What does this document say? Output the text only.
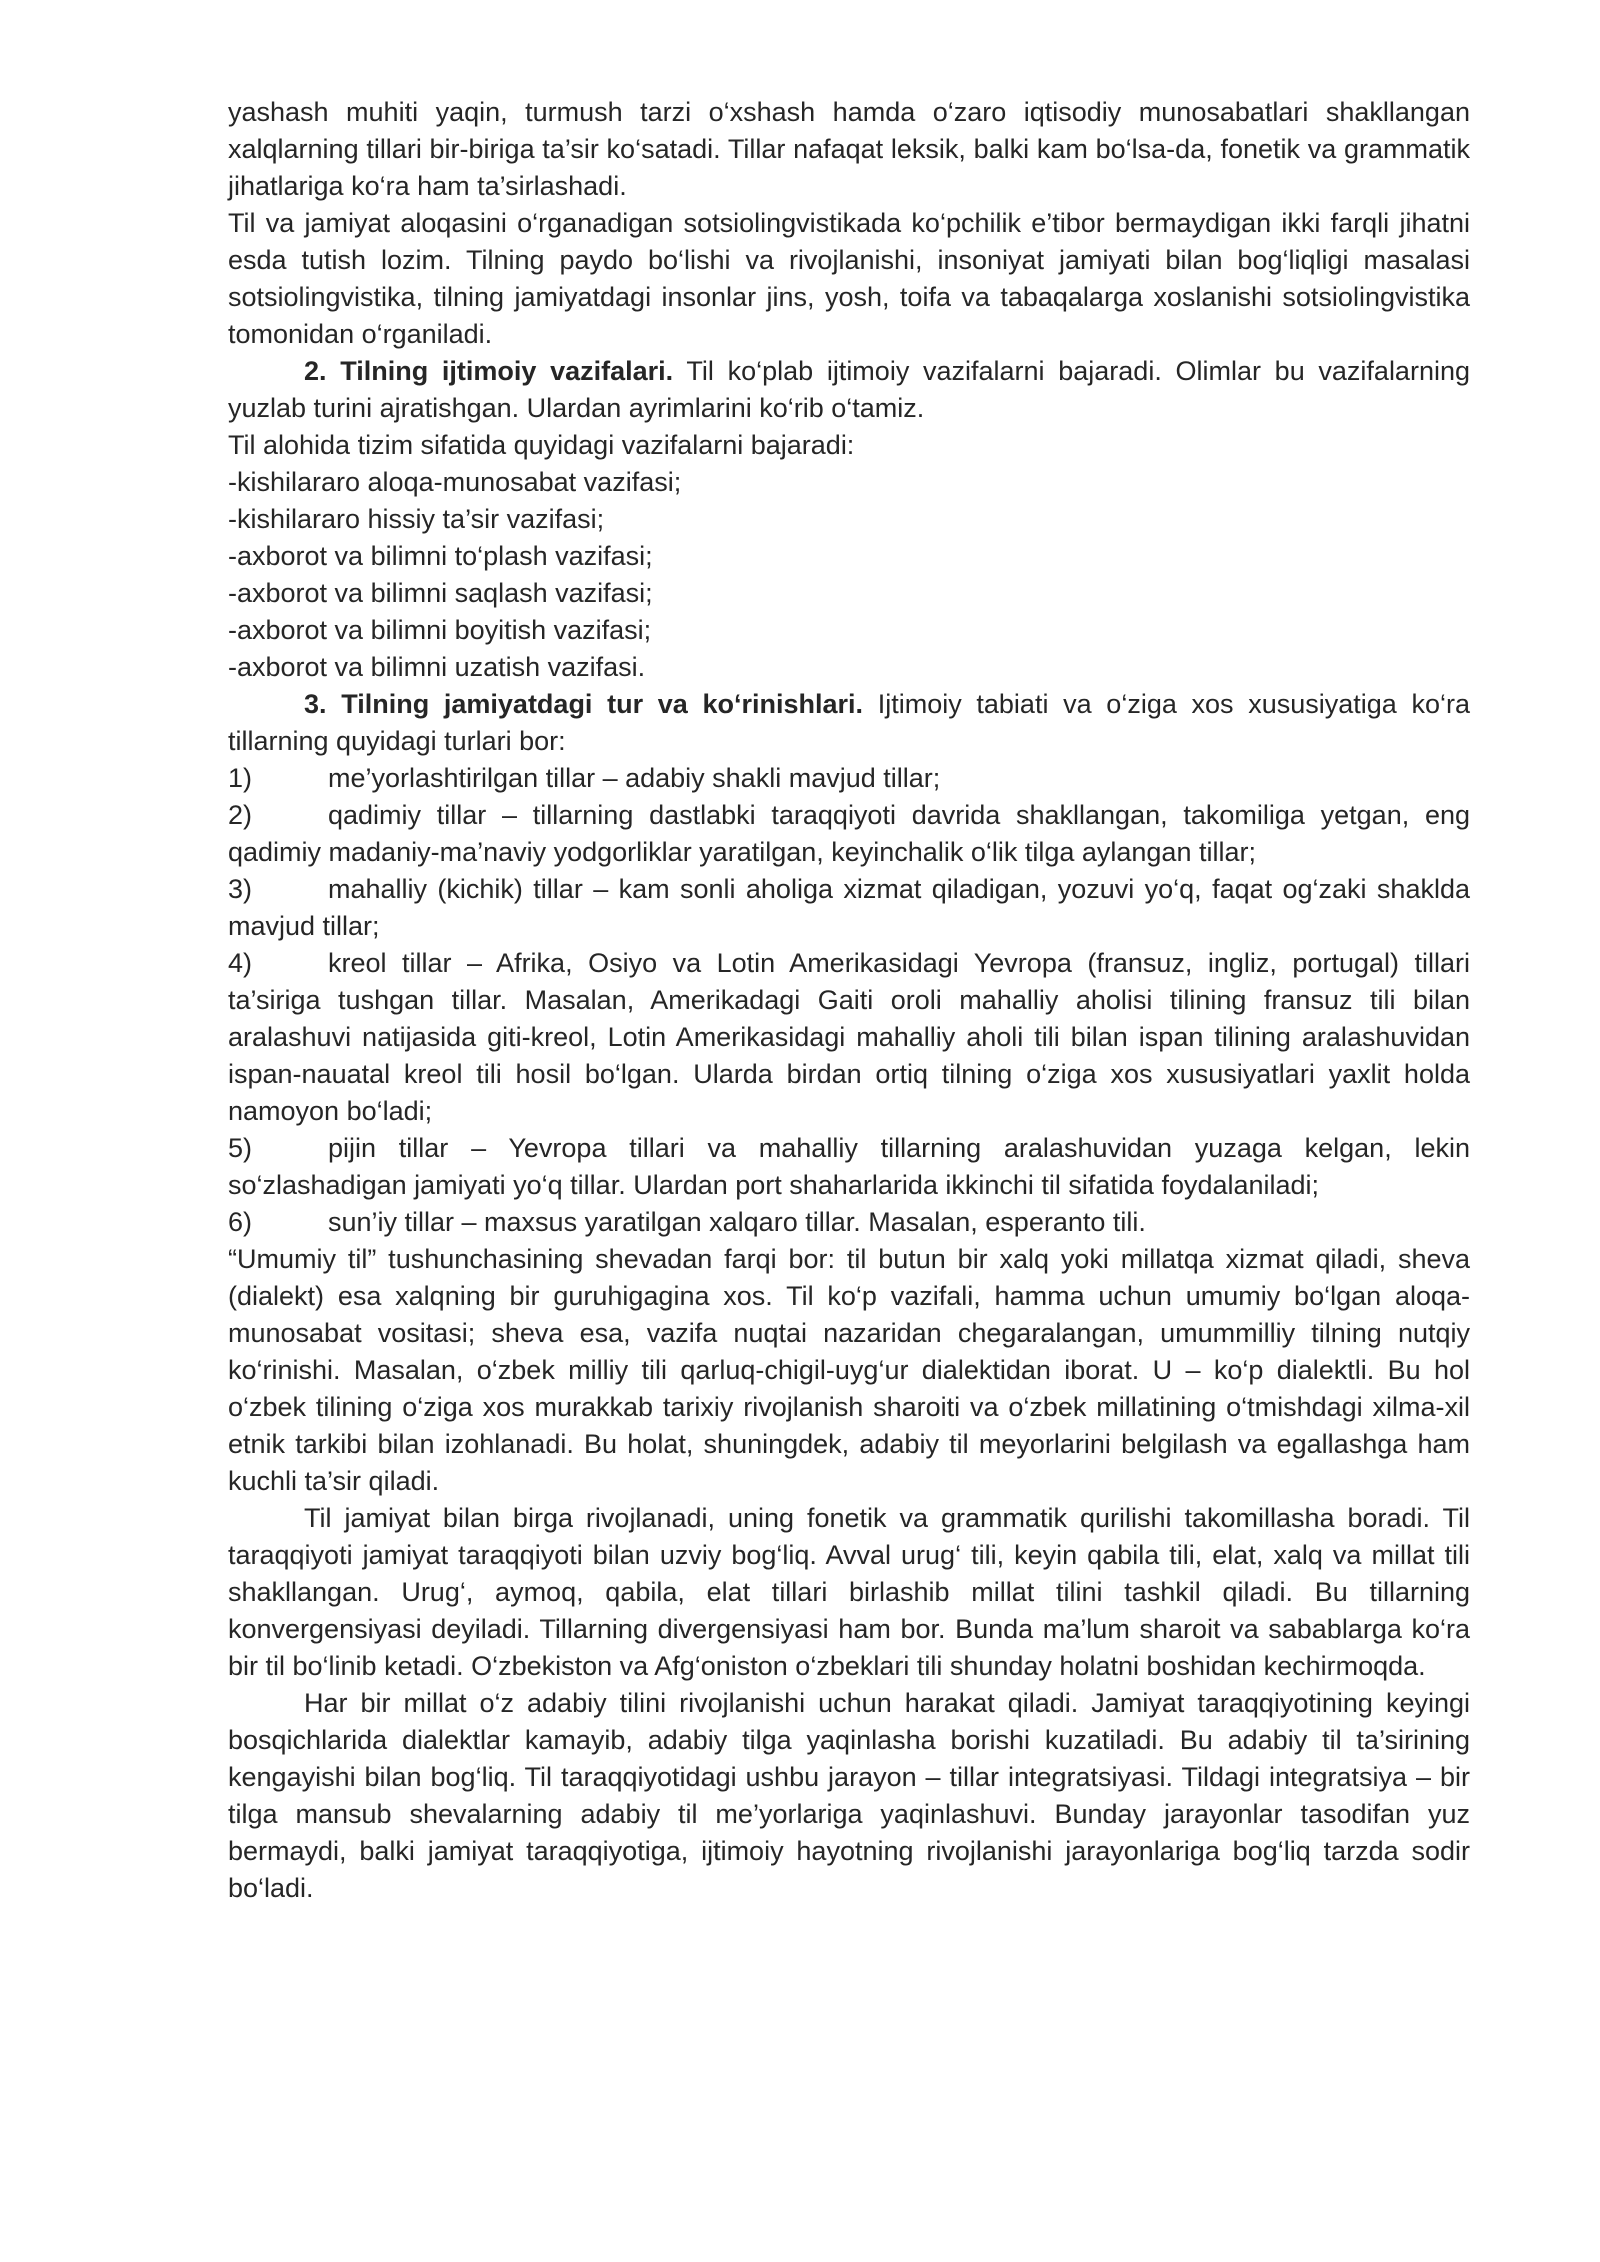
yashash muhiti yaqin, turmush tarzi o‘xshash hamda o‘zaro iqtisodiy munosabatlari shakllangan xalqlarning tillari bir-biriga ta’sir ko‘satadi. Tillar nafaqat leksik, balki kam bo‘lsa-da, fonetik va grammatik jihatlariga ko‘ra ham ta’sirlashadi.

Til va jamiyat aloqasini o‘rganadigan sotsiolingvistikada ko‘pchilik e’tibor bermaydigan ikki farqli jihatni esda tutish lozim. Tilning paydo bo‘lishi va rivojlanishi, insoniyat jamiyati bilan bog‘liqligi masalasi sotsiolingvistika, tilning jamiyatdagi insonlar jins, yosh, toifa va tabaqalarga xoslanishi sotsiolingvistika tomonidan o‘rganiladi.

2. Tilning ijtimoiy vazifalari. Til ko‘plab ijtimoiy vazifalarni bajaradi. Olimlar bu vazifalarning yuzlab turini ajratishgan. Ulardan ayrimlarini ko‘rib o‘tamiz.

Til alohida tizim sifatida quyidagi vazifalarni bajaradi:

-kishilararo aloqa-munosabat vazifasi;

-kishilararo hissiy ta’sir vazifasi;

-axborot va bilimni to‘plash vazifasi;

-axborot va bilimni saqlash vazifasi;

-axborot va bilimni boyitish vazifasi;

-axborot va bilimni uzatish vazifasi.

3. Tilning jamiyatdagi tur va ko‘rinishlari. Ijtimoiy tabiati va o‘ziga xos xususiyatiga ko‘ra tillarning quyidagi turlari bor:

1)	me’yorlashtirilgan tillar – adabiy shakli mavjud tillar;

2)	qadimiy tillar – tillarning dastlabki taraqqiyoti davrida shakllangan, takomiliga yetgan, eng qadimiy madaniy-ma’naviy yodgorliklar yaratilgan, keyinchalik o‘lik tilga aylangan tillar;

3)	mahalliy (kichik) tillar – kam sonli aholiga xizmat qiladigan, yozuvi yo‘q, faqat og‘zaki shaklda mavjud tillar;

4)	kreol tillar – Afrika, Osiyo va Lotin Amerikasidagi Yevropa (fransuz, ingliz, portugal) tillari ta’siriga tushgan tillar. Masalan, Amerikadagi Gaiti oroli mahalliy aholisi tilining fransuz tili bilan aralashuvi natijasida giti-kreol, Lotin Amerikasidagi mahalliy aholi tili bilan ispan tilining aralashuvidan ispan-nauatal kreol tili hosil bo‘lgan. Ularda birdan ortiq tilning o‘ziga xos xususiyatlari yaxlit holda namoyon bo‘ladi;

5)	pijin tillar – Yevropa tillari va mahalliy tillarning aralashuvidan yuzaga kelgan, lekin so‘zlashadigan jamiyati yo‘q tillar. Ulardan port shaharlarida ikkinchi til sifatida foydalaniladi;

6)	sun’iy tillar – maxsus yaratilgan xalqaro tillar. Masalan, esperanto tili.

“Umumiy til” tushunchasining shevadan farqi bor: til butun bir xalq yoki millatqa xizmat qiladi, sheva (dialekt) esa xalqning bir guruhigagina xos. Til ko‘p vazifali, hamma uchun umumiy bo‘lgan aloqa-munosabat vositasi; sheva esa, vazifa nuqtai nazaridan chegaralangan, umummilliy tilning nutqiy ko‘rinishi. Masalan, o‘zbek milliy tili qarluq-chigil-uyg‘ur dialektidan iborat. U – ko‘p dialektli. Bu hol o‘zbek tilining o‘ziga xos murakkab tarixiy rivojlanish sharoiti va o‘zbek millatining o‘tmishdagi xilma-xil etnik tarkibi bilan izohlanadi. Bu holat, shuningdek, adabiy til meyorlarini belgilash va egallashga ham kuchli ta’sir qiladi.

Til jamiyat bilan birga rivojlanadi, uning fonetik va grammatik qurilishi takomillasha boradi. Til taraqqiyoti jamiyat taraqqiyoti bilan uzviy bog‘liq. Avval urug‘ tili, keyin qabila tili, elat, xalq va millat tili shakllangan. Urug‘, aymoq, qabila, elat tillari birlashib millat tilini tashkil qiladi. Bu tillarning konvergensiyasi deyiladi. Tillarning divergensiyasi ham bor. Bunda ma’lum sharoit va sabablarga ko‘ra bir til bo‘linib ketadi. O‘zbekiston va Afg‘oniston o‘zbeklari tili shunday holatni boshidan kechirmoqda.

Har bir millat o‘z adabiy tilini rivojlanishi uchun harakat qiladi. Jamiyat taraqqiyotining keyingi bosqichlarida dialektlar kamayib, adabiy tilga yaqinlasha borishi kuzatiladi. Bu adabiy til ta’sirining kengayishi bilan bog‘liq. Til taraqqiyotidagi ushbu jarayon – tillar integratsiyasi. Tildagi integratsiya – bir tilga mansub shevalarning adabiy til me’yorlariga yaqinlashuvi. Bunday jarayonlar tasodifan yuz bermaydi, balki jamiyat taraqqiyotiga, ijtimoiy hayotning rivojlanishi jarayonlariga bog‘liq tarzda sodir bo‘ladi.
